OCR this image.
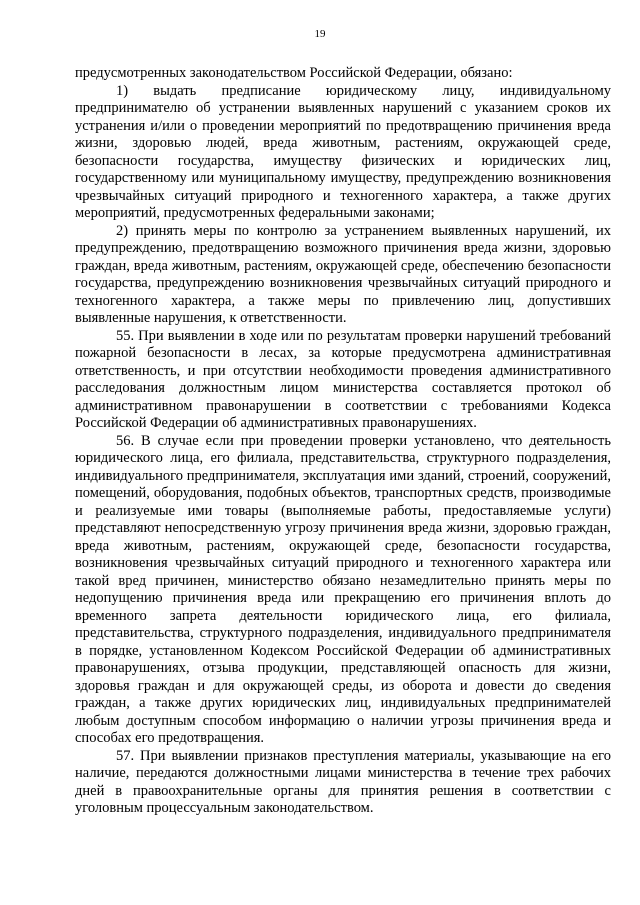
19

предусмотренных законодательством Российской Федерации, обязано:

1) выдать предписание юридическому лицу, индивидуальному предпринимателю об устранении выявленных нарушений с указанием сроков их устранения и/или о проведении мероприятий по предотвращению причинения вреда жизни, здоровью людей, вреда животным, растениям, окружающей среде, безопасности государства, имуществу физических и юридических лиц, государственному или муниципальному имуществу, предупреждению возникновения чрезвычайных ситуаций природного и техногенного характера, а также других мероприятий, предусмотренных федеральными законами;

2) принять меры по контролю за устранением выявленных нарушений, их предупреждению, предотвращению возможного причинения вреда жизни, здоровью граждан, вреда животным, растениям, окружающей среде, обеспечению безопасности государства, предупреждению возникновения чрезвычайных ситуаций природного и техногенного характера, а также меры по привлечению лиц, допустивших выявленные нарушения, к ответственности.

55. При выявлении в ходе или по результатам проверки нарушений требований пожарной безопасности в лесах, за которые предусмотрена административная ответственность, и при отсутствии необходимости проведения административного расследования должностным лицом министерства составляется протокол об административном правонарушении в соответствии с требованиями Кодекса Российской Федерации об административных правонарушениях.

56. В случае если при проведении проверки установлено, что деятельность юридического лица, его филиала, представительства, структурного подразделения, индивидуального предпринимателя, эксплуатация ими зданий, строений, сооружений, помещений, оборудования, подобных объектов, транспортных средств, производимые и реализуемые ими товары (выполняемые работы, предоставляемые услуги) представляют непосредственную угрозу причинения вреда жизни, здоровью граждан, вреда животным, растениям, окружающей среде, безопасности государства, возникновения чрезвычайных ситуаций природного и техногенного характера или такой вред причинен, министерство обязано незамедлительно принять меры по недопущению причинения вреда или прекращению его причинения вплоть до временного запрета деятельности юридического лица, его филиала, представительства, структурного подразделения, индивидуального предпринимателя в порядке, установленном Кодексом Российской Федерации об административных правонарушениях, отзыва продукции, представляющей опасность для жизни, здоровья граждан и для окружающей среды, из оборота и довести до сведения граждан, а также других юридических лиц, индивидуальных предпринимателей любым доступным способом информацию о наличии угрозы причинения вреда и способах его предотвращения.

57. При выявлении признаков преступления материалы, указывающие на его наличие, передаются должностными лицами министерства в течение трех рабочих дней в правоохранительные органы для принятия решения в соответствии с уголовным процессуальным законодательством.
